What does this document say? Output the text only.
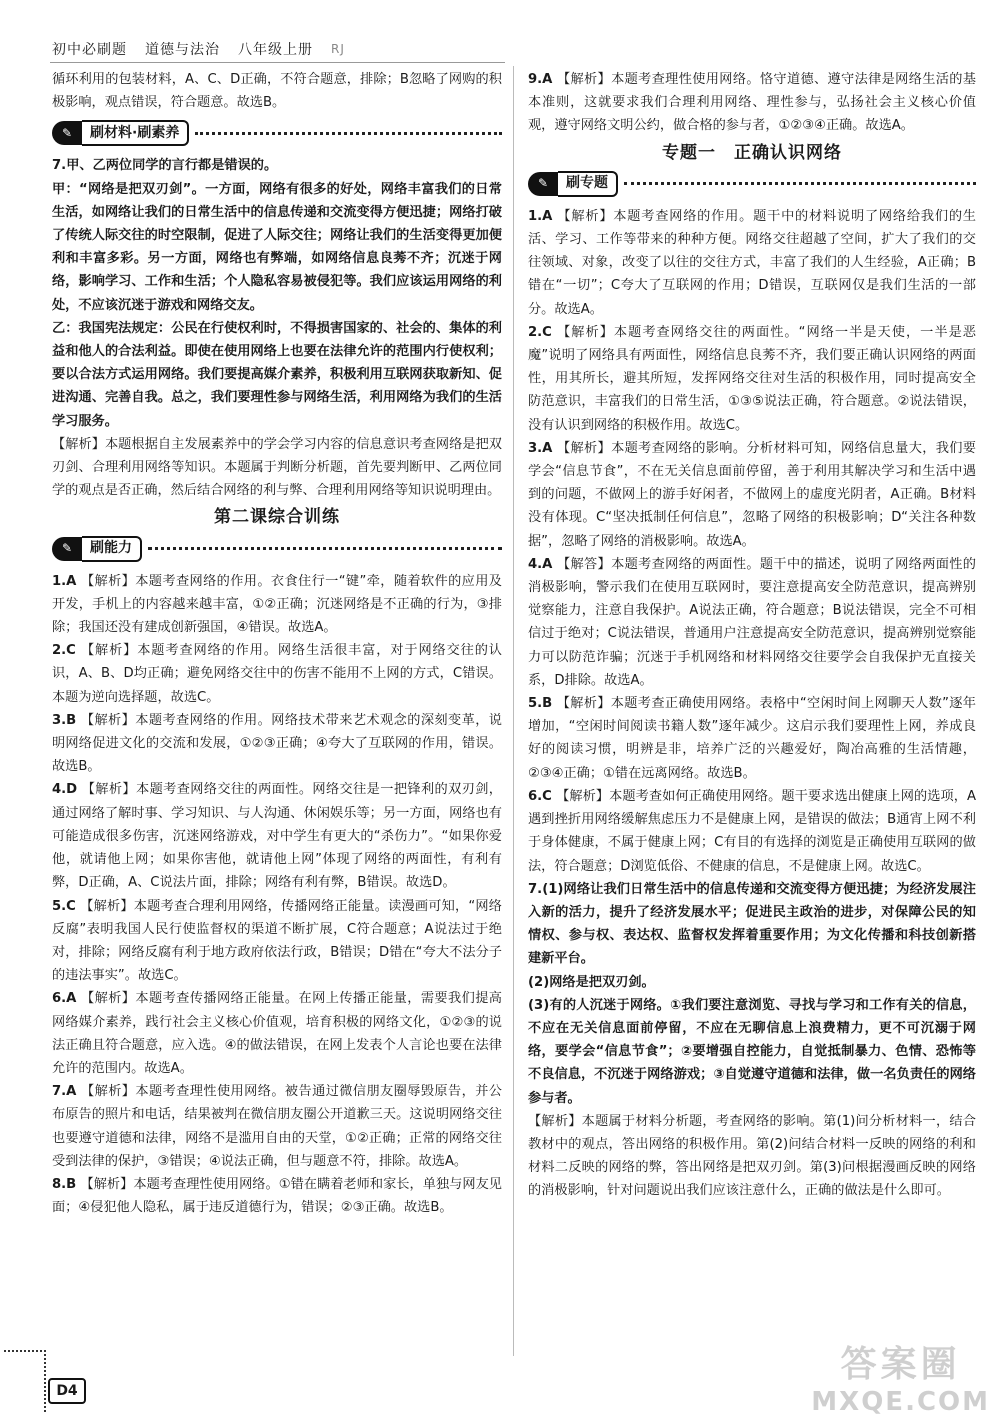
初中必刷题 道德与法治 八年级上册 RJ

循环利用的包装材料，A、C、D正确，不符合题意，排除；B忽略了网购的积极影响，观点错误，符合题意。故选B。

✎	刷材料·刷素养

7.甲、乙两位同学的言行都是错误的。

甲：“网络是把双刃剑”。一方面，网络有很多的好处，网络丰富我们的日常生活，如网络让我们的日常生活中的信息传递和交流变得方便迅捷；网络打破了传统人际交往的时空限制，促进了人际交往；网络让我们的生活变得更加便利和丰富多彩。另一方面，网络也有弊端，如网络信息良莠不齐；沉迷于网络，影响学习、工作和生活；个人隐私容易被侵犯等。我们应该运用网络的利处，不应该沉迷于游戏和网络交友。

乙：我国宪法规定：公民在行使权利时，不得损害国家的、社会的、集体的利益和他人的合法利益。即使在使用网络上也要在法律允许的范围内行使权利；要以合法方式运用网络。我们要提高媒介素养，积极利用互联网获取新知、促进沟通、完善自我。总之，我们要理性参与网络生活，利用网络为我们的生活学习服务。

【解析】本题根据自主发展素养中的学会学习内容的信息意识考查网络是把双刃剑、合理利用网络等知识。本题属于判断分析题，首先要判断甲、乙两位同学的观点是否正确，然后结合网络的利与弊、合理利用网络等知识说明理由。

第二课综合训练
✎	刷能力

1.A 【解析】本题考查网络的作用。衣食住行一“键”牵，随着软件的应用及开发，手机上的内容越来越丰富，①②正确；沉迷网络是不正确的行为，③排除；我国还没有建成创新强国，④错误。故选A。

2.C 【解析】本题考查网络的作用。网络生活很丰富，对于网络交往的认识，A、B、D均正确；避免网络交往中的伤害不能用不上网的方式，C错误。本题为逆向选择题，故选C。

3.B 【解析】本题考查网络的作用。网络技术带来艺术观念的深刻变革，说明网络促进文化的交流和发展，①②③正确；④夸大了互联网的作用，错误。故选B。

4.D 【解析】本题考查网络交往的两面性。网络交往是一把锋利的双刃剑，通过网络了解时事、学习知识、与人沟通、休闲娱乐等；另一方面，网络也有可能造成很多伤害，沉迷网络游戏，对中学生有更大的“杀伤力”。“如果你爱他，就请他上网；如果你害他，就请他上网”体现了网络的两面性，有利有弊，D正确，A、C说法片面，排除；网络有利有弊，B错误。故选D。

5.C 【解析】本题考查合理利用网络，传播网络正能量。读漫画可知，“网络反腐”表明我国人民行使监督权的渠道不断扩展，C符合题意；A说法过于绝对，排除；网络反腐有利于地方政府依法行政，B错误；D错在“夸大不法分子的违法事实”。故选C。

6.A 【解析】本题考查传播网络正能量。在网上传播正能量，需要我们提高网络媒介素养，践行社会主义核心价值观，培育积极的网络文化，①②③的说法正确且符合题意，应入选。④的做法错误，在网上发表个人言论也要在法律允许的范围内。故选A。

7.A 【解析】本题考查理性使用网络。被告通过微信朋友圈辱毁原告，并公布原告的照片和电话，结果被判在微信朋友圈公开道歉三天。这说明网络交往也要遵守道德和法律，网络不是滥用自由的天堂，①②正确；正常的网络交往受到法律的保护，③错误；④说法正确，但与题意不符，排除。故选A。

8.B 【解析】本题考查理性使用网络。①错在瞒着老师和家长，单独与网友见面；④侵犯他人隐私，属于违反道德行为，错误；②③正确。故选B。

9.A 【解析】本题考查理性使用网络。恪守道德、遵守法律是网络生活的基本准则，这就要求我们合理利用网络、理性参与，弘扬社会主义核心价值观，遵守网络文明公约，做合格的参与者，①②③④正确。故选A。

专题一　正确认识网络
✎	刷专题

1.A 【解析】本题考查网络的作用。题干中的材料说明了网络给我们的生活、学习、工作等带来的种种方便。网络交往超越了空间，扩大了我们的交往领域、对象，改变了以往的交往方式，丰富了我们的人生经验，A正确；B错在“一切”；C夸大了互联网的作用；D错误，互联网仅是我们生活的一部分。故选A。

2.C 【解析】本题考查网络交往的两面性。“网络一半是天使，一半是恶魔”说明了网络具有两面性，网络信息良莠不齐，我们要正确认识网络的两面性，用其所长，避其所短，发挥网络交往对生活的积极作用，同时提高安全防范意识，丰富我们的日常生活，①③⑤说法正确，符合题意。②说法错误，没有认识到网络的积极作用。故选C。

3.A 【解析】本题考查网络的影响。分析材料可知，网络信息量大，我们要学会“信息节食”，不在无关信息面前停留，善于利用其解决学习和生活中遇到的问题，不做网上的游手好闲者，不做网上的虚度光阴者，A正确。B材料没有体现。C“坚决抵制任何信息”，忽略了网络的积极影响；D“关注各种数据”，忽略了网络的消极影响。故选A。

4.A 【解答】本题考查网络的两面性。题干中的描述，说明了网络两面性的消极影响，警示我们在使用互联网时，要注意提高安全防范意识，提高辨别觉察能力，注意自我保护。A说法正确，符合题意；B说法错误，完全不可相信过于绝对；C说法错误，普通用户注意提高安全防范意识，提高辨别觉察能力可以防范诈骗；沉迷于手机网络和材料网络交往要学会自我保护无直接关系，D排除。故选A。

5.B 【解析】本题考查正确使用网络。表格中“空闲时间上网聊天人数”逐年增加，“空闲时间阅读书籍人数”逐年减少。这启示我们要理性上网，养成良好的阅读习惯，明辨是非，培养广泛的兴趣爱好，陶冶高雅的生活情趣，②③④正确；①错在远离网络。故选B。

6.C 【解析】本题考查如何正确使用网络。题干要求选出健康上网的选项，A遇到挫折用网络缓解焦虑压力不是健康上网，是错误的做法；B通宵上网不利于身体健康，不属于健康上网；C有目的有选择的浏览是正确使用互联网的做法，符合题意；D浏览低俗、不健康的信息，不是健康上网。故选C。

7.(1)网络让我们日常生活中的信息传递和交流变得方便迅捷；为经济发展注入新的活力，提升了经济发展水平；促进民主政治的进步，对保障公民的知情权、参与权、表达权、监督权发挥着重要作用；为文化传播和科技创新搭建新平台。

(2)网络是把双刃剑。

(3)有的人沉迷于网络。①我们要注意浏览、寻找与学习和工作有关的信息，不应在无关信息面前停留，不应在无聊信息上浪费精力，更不可沉溺于网络，要学会“信息节食”；②要增强自控能力，自觉抵制暴力、色情、恐怖等不良信息，不沉迷于网络游戏；③自觉遵守道德和法律，做一名负责任的网络参与者。

【解析】本题属于材料分析题，考查网络的影响。第(1)问分析材料一，结合教材中的观点，答出网络的积极作用。第(2)问结合材料一反映的网络的利和材料二反映的网络的弊，答出网络是把双刃剑。第(3)问根据漫画反映的网络的消极影响，针对问题说出我们应该注意什么，正确的做法是什么即可。

D4
答案圈
MXQE.COM
